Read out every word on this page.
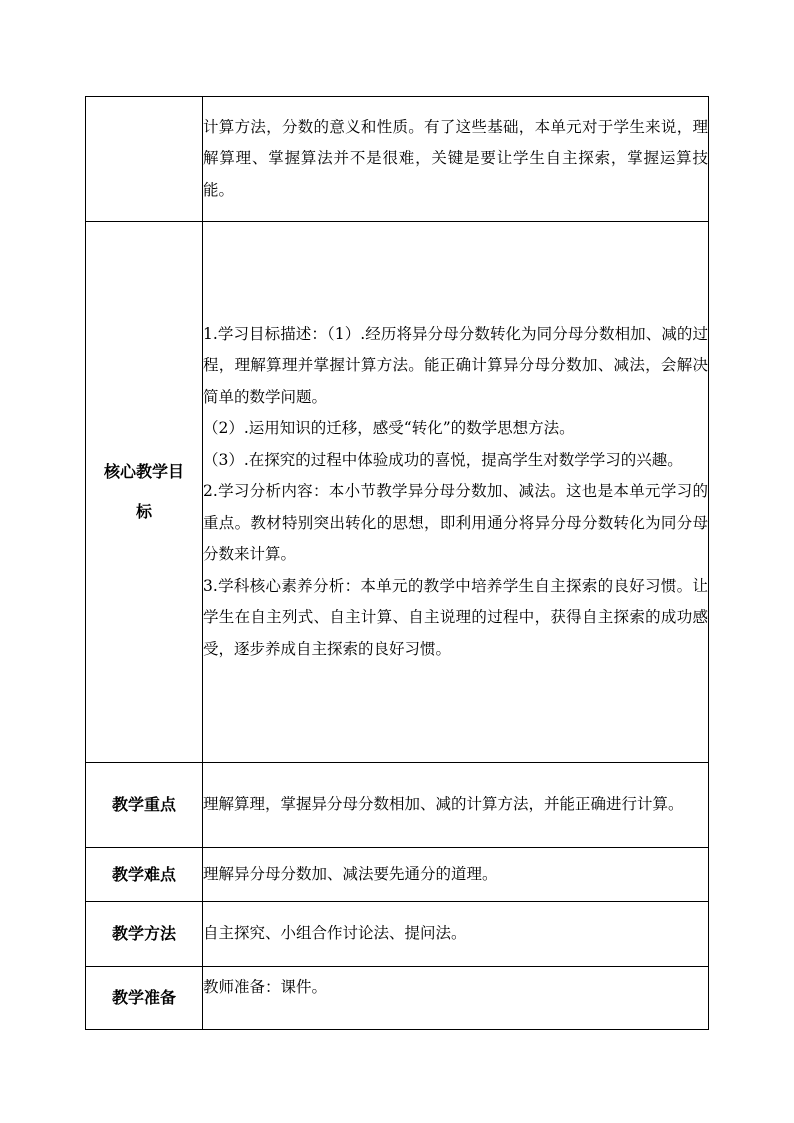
	计算方法，分数的意义和性质。有了这些基础，本单元对于学生来说，理解算理、掌握算法并不是很难，关键是要让学生自主探索，掌握运算技能。
核心教学目标	1.学习目标描述：（1）.经历将异分母分数转化为同分母分数相加、减的过程，理解算理并掌握计算方法。能正确计算异分母分数加、减法，会解决简单的数学问题。

（2）.运用知识的迁移，感受“转化”的数学思想方法。

（3）.在探究的过程中体验成功的喜悦，提高学生对数学学习的兴趣。

2.学习分析内容：本小节教学异分母分数加、减法。这也是本单元学习的重点。教材特别突出转化的思想，即利用通分将异分母分数转化为同分母分数来计算。

3.学科核心素养分析：本单元的教学中培养学生自主探索的良好习惯。让学生在自主列式、自主计算、自主说理的过程中，获得自主探索的成功感受，逐步养成自主探索的良好习惯。

教学重点	理解算理，掌握异分母分数相加、减的计算方法，并能正确进行计算。
教学难点	理解异分母分数加、减法要先通分的道理。
教学方法	自主探究、小组合作讨论法、提问法。
教学准备	教师准备：课件。
